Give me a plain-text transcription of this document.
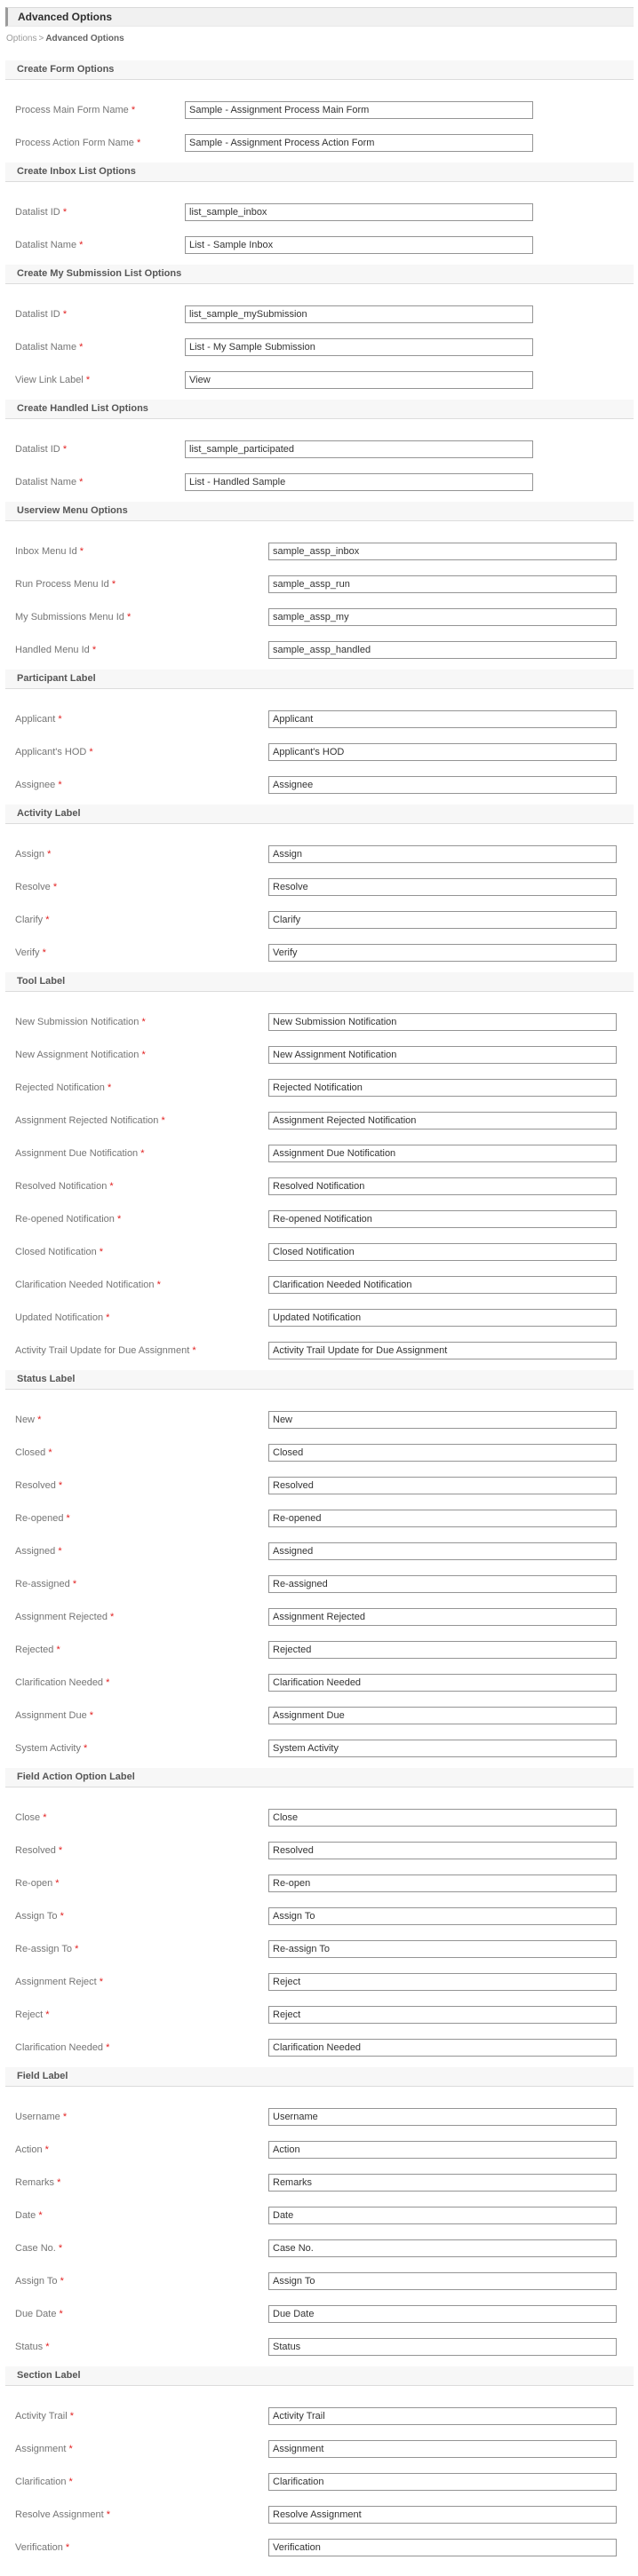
Advanced Options
Options > Advanced Options
Create Form Options
Process Main Form Name *Sample - Assignment Process Main Form
Process Action Form Name *Sample - Assignment Process Action Form
Create Inbox List Options
Datalist ID *list_sample_inbox
Datalist Name *List - Sample Inbox
Create My Submission List Options
Datalist ID *list_sample_mySubmission
Datalist Name *List - My Sample Submission
View Link Label *View
Create Handled List Options
Datalist ID *list_sample_participated
Datalist Name *List - Handled Sample
Userview Menu Options
Inbox Menu Id *sample_assp_inbox
Run Process Menu Id *sample_assp_run
My Submissions Menu Id *sample_assp_my
Handled Menu Id *sample_assp_handled
Participant Label
Applicant *Applicant
Applicant's HOD *Applicant's HOD
Assignee *Assignee
Activity Label
Assign *Assign
Resolve *Resolve
Clarify *Clarify
Verify *Verify
Tool Label
New Submission Notification *New Submission Notification
New Assignment Notification *New Assignment Notification
Rejected Notification *Rejected Notification
Assignment Rejected Notification *Assignment Rejected Notification
Assignment Due Notification *Assignment Due Notification
Resolved Notification *Resolved Notification
Re-opened Notification *Re-opened Notification
Closed Notification *Closed Notification
Clarification Needed Notification *Clarification Needed Notification
Updated Notification *Updated Notification
Activity Trail Update for Due Assignment *Activity Trail Update for Due Assignment
Status Label
New *New
Closed *Closed
Resolved *Resolved
Re-opened *Re-opened
Assigned *Assigned
Re-assigned *Re-assigned
Assignment Rejected *Assignment Rejected
Rejected *Rejected
Clarification Needed *Clarification Needed
Assignment Due *Assignment Due
System Activity *System Activity
Field Action Option Label
Close *Close
Resolved *Resolved
Re-open *Re-open
Assign To *Assign To
Re-assign To *Re-assign To
Assignment Reject *Reject
Reject *Reject
Clarification Needed *Clarification Needed
Field Label
Username *Username
Action *Action
Remarks *Remarks
Date *Date
Case No. *Case No.
Assign To *Assign To
Due Date *Due Date
Status *Status
Section Label
Activity Trail *Activity Trail
Assignment *Assignment
Clarification *Clarification
Resolve Assignment *Resolve Assignment
Verification *Verification
